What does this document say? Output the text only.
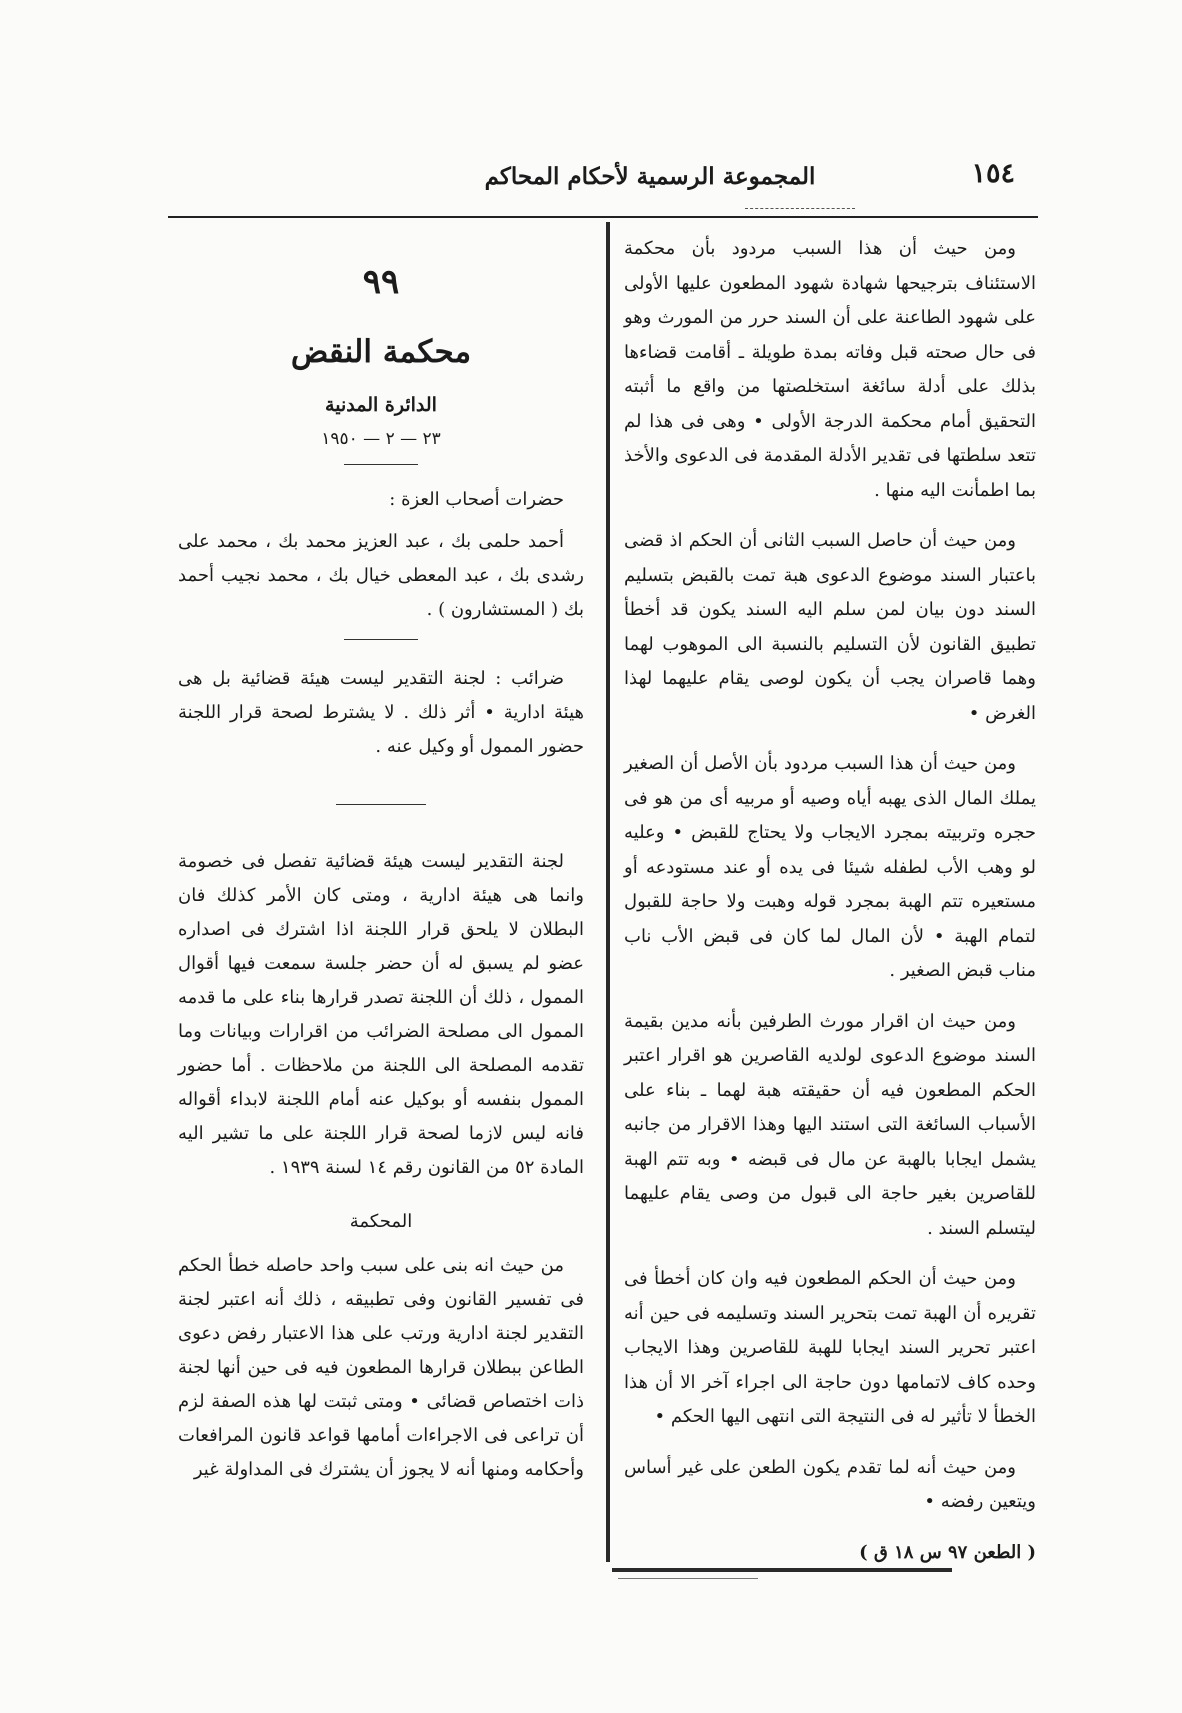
١٥٤
المجموعة الرسمية لأحكام المحاكم

ومن حيث أن هذا السبب مردود بأن محكمة الاستئناف بترجيحها شهادة شهود المطعون عليها الأولى على شهود الطاعنة على أن السند حرر من المورث وهو فى حال صحته قبل وفاته بمدة طويلة ـ أقامت قضاءها بذلك على أدلة سائغة استخلصتها من واقع ما أثبته التحقيق أمام محكمة الدرجة الأولى • وهى فى هذا لم تتعد سلطتها فى تقدير الأدلة المقدمة فى الدعوى والأخذ بما اطمأنت اليه منها .

ومن حيث أن حاصل السبب الثانى أن الحكم اذ قضى باعتبار السند موضوع الدعوى هبة تمت بالقبض بتسليم السند دون بيان لمن سلم اليه السند يكون قد أخطأ تطبيق القانون لأن التسليم بالنسبة الى الموهوب لهما وهما قاصران يجب أن يكون لوصى يقام عليهما لهذا الغرض •

ومن حيث أن هذا السبب مردود بأن الأصل أن الصغير يملك المال الذى يهبه أياه وصيه أو مربيه أى من هو فى حجره وتربيته بمجرد الايجاب ولا يحتاج للقبض • وعليه لو وهب الأب لطفله شيئا فى يده أو عند مستودعه أو مستعيره تتم الهبة بمجرد قوله وهبت ولا حاجة للقبول لتمام الهبة • لأن المال لما كان فى قبض الأب ناب مناب قبض الصغير .

ومن حيث ان اقرار مورث الطرفين بأنه مدين بقيمة السند موضوع الدعوى لولديه القاصرين هو اقرار اعتبر الحكم المطعون فيه أن حقيقته هبة لهما ـ بناء على الأسباب السائغة التى استند اليها وهذا الاقرار من جانبه يشمل ايجابا بالهبة عن مال فى قبضه • وبه تتم الهبة للقاصرين بغير حاجة الى قبول من وصى يقام عليهما ليتسلم السند .

ومن حيث أن الحكم المطعون فيه وان كان أخطأ فى تقريره أن الهبة تمت بتحرير السند وتسليمه فى حين أنه اعتبر تحرير السند ايجابا للهبة للقاصرين وهذا الايجاب وحده كاف لاتمامها دون حاجة الى اجراء آخر الا أن هذا الخطأ لا تأثير له فى النتيجة التى انتهى اليها الحكم •

ومن حيث أنه لما تقدم يكون الطعن على غير أساس ويتعين رفضه •

( الطعن ٩٧ س ١٨ ق )

٩٩

محكمة النقض

الدائرة المدنية

٢٣ — ٢ — ١٩٥٠

حضرات أصحاب العزة :

أحمد حلمى بك ، عبد العزيز محمد بك ، محمد على رشدى بك ، عبد المعطى خيال بك ، محمد نجيب أحمد بك ( المستشارون ) .

ضرائب : لجنة التقدير ليست هيئة قضائية بل هى هيئة ادارية • أثر ذلك . لا يشترط لصحة قرار اللجنة حضور الممول أو وكيل عنه .

لجنة التقدير ليست هيئة قضائية تفصل فى خصومة وانما هى هيئة ادارية ، ومتى كان الأمر كذلك فان البطلان لا يلحق قرار اللجنة اذا اشترك فى اصداره عضو لم يسبق له أن حضر جلسة سمعت فيها أقوال الممول ، ذلك أن اللجنة تصدر قرارها بناء على ما قدمه الممول الى مصلحة الضرائب من اقرارات وبيانات وما تقدمه المصلحة الى اللجنة من ملاحظات . أما حضور الممول بنفسه أو بوكيل عنه أمام اللجنة لابداء أقواله فانه ليس لازما لصحة قرار اللجنة على ما تشير اليه المادة ٥٢ من القانون رقم ١٤ لسنة ١٩٣٩ .

المحكمة

من حيث انه بنى على سبب واحد حاصله خطأ الحكم فى تفسير القانون وفى تطبيقه ، ذلك أنه اعتبر لجنة التقدير لجنة ادارية ورتب على هذا الاعتبار رفض دعوى الطاعن ببطلان قرارها المطعون فيه فى حين أنها لجنة ذات اختصاص قضائى • ومتى ثبتت لها هذه الصفة لزم أن تراعى فى الاجراءات أمامها قواعد قانون المرافعات وأحكامه ومنها أنه لا يجوز أن يشترك فى المداولة غير
